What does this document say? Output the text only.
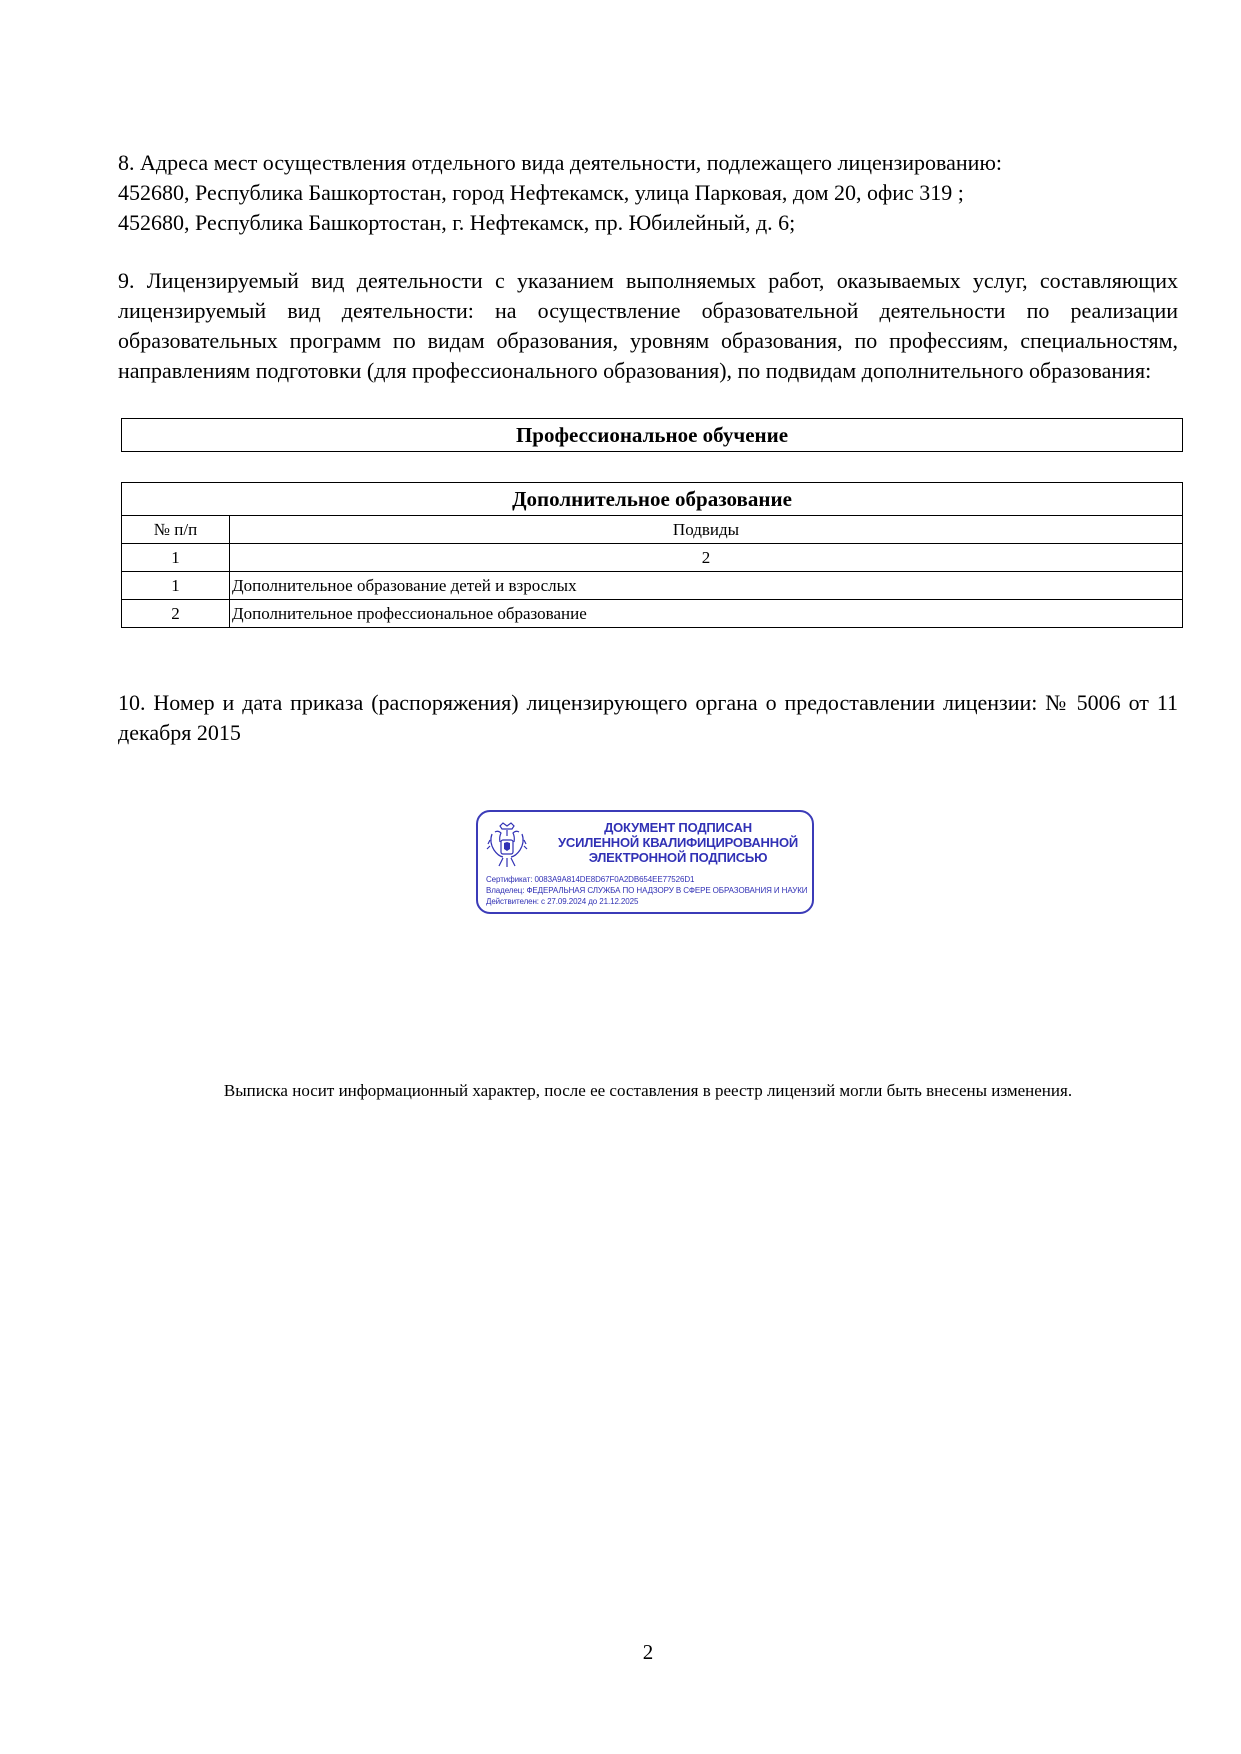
8. Адреса мест осуществления отдельного вида деятельности, подлежащего лицензированию:
452680, Республика Башкортостан, город Нефтекамск, улица Парковая, дом 20, офис 319 ;
452680, Республика Башкортостан, г. Нефтекамск, пр. Юбилейный, д. 6;
9. Лицензируемый вид деятельности с указанием выполняемых работ, оказываемых услуг, составляющих лицензируемый вид деятельности: на осуществление образовательной деятельности по реализации образовательных программ по видам образования, уровням образования, по профессиям, специальностям, направлениям подготовки (для профессионального образования), по подвидам дополнительного образования:
Профессиональное обучение
Дополнительное образование	
№ п/п	Подвиды
1	2
1	Дополнительное образование детей и взрослых
2	Дополнительное профессиональное образование
10. Номер и дата приказа (распоряжения) лицензирующего органа о предоставлении лицензии: № 5006 от 11 декабря 2015
Выписка носит информационный характер, после ее составления в реестр лицензий могли быть внесены изменения.
2
ДОКУМЕНТ ПОДПИСАН
УСИЛЕННОЙ КВАЛИФИЦИРОВАННОЙ
ЭЛЕКТРОННОЙ ПОДПИСЬЮ
Сертификат: 0083A9A814DE8D67F0A2DB654EE77526D1
Владелец: ФЕДЕРАЛЬНАЯ СЛУЖБА ПО НАДЗОРУ В СФЕРЕ ОБРАЗОВАНИЯ И НАУКИ
Действителен: с 27.09.2024 до 21.12.2025
